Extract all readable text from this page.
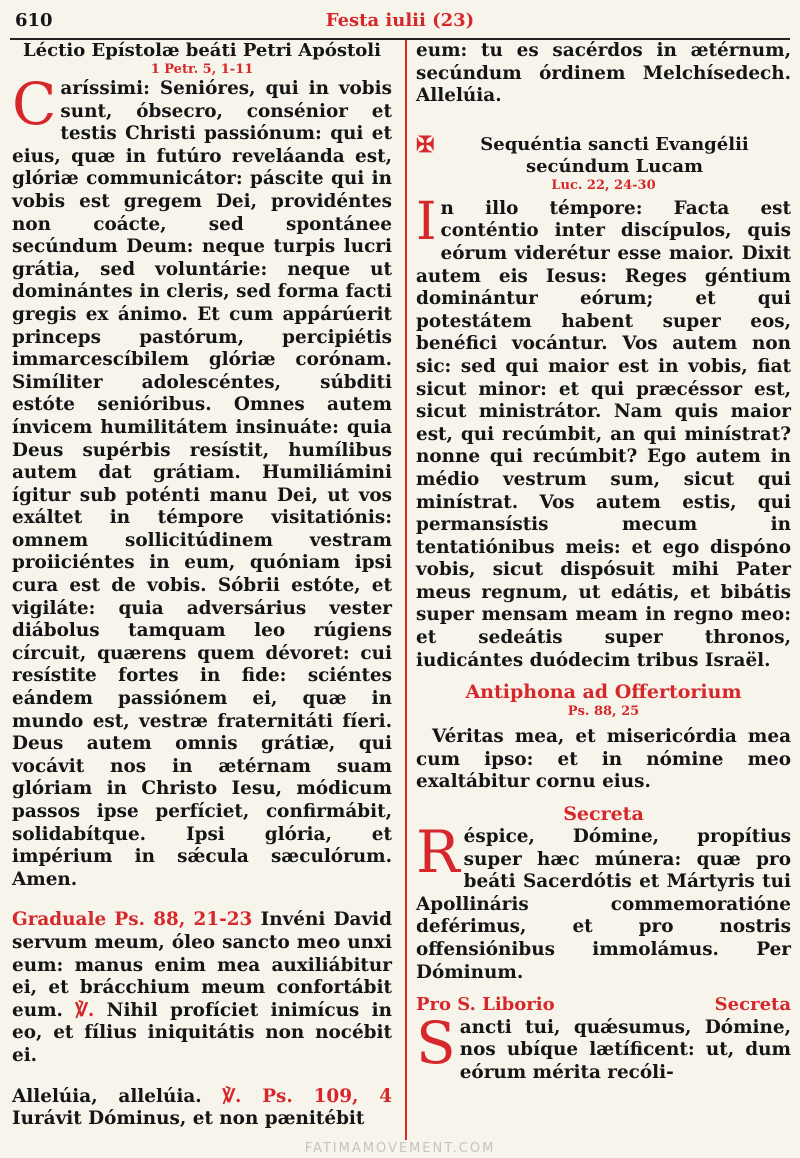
610	Festa iulii (23)
Léctio Epístolæ beáti Petri Apóstoli
1 Petr. 5, 1-11

C aríssimi: Senióres, qui in vobis sunt, óbsecro, consénior et testis Christi passiónum: qui et eius, quæ in futúro reveláanda est, glóriæ communicátor: páscite qui in vobis est gregem Dei, providéntes non coácte, sed spontánee secúndum Deum: neque turpis lucri grátia, sed voluntárie: neque ut dominántes in cleris, sed forma facti gregis ex ánimo. Et cum appárúerit princeps pastórum, percipiétis immarcescíbilem glóriæ corónam. Simíliter adolescéntes, súbditi estóte senióribus. Omnes autem ínvicem humilitátem insinuáte: quia Deus supérbis resístit, humílibus autem dat grátiam. Humiliámini ígitur sub poténti manu Dei, ut vos exáltet in témpore visitatiónis: omnem sollicitúdinem vestram proiiciéntes in eum, quóniam ipsi cura est de vobis. Sóbrii estóte, et vigiláte: quia adversárius vester diábolus tamquam leo rúgiens círcuit, quærens quem dévoret: cui resístite fortes in fide: sciéntes eándem passiónem ei, quæ in mundo est, vestræ fraternitáti fíeri. Deus autem omnis grátiæ, qui vocávit nos in ætérnam suam glóriam in Christo Iesu, módicum passos ipse perfíciet, confirmábit, solidabítque. Ipsi glória, et impérium in sǽcula sæculórum. Amen.

Graduale Ps. 88, 21-23 Invéni David servum meum, óleo sancto meo unxi eum: manus enim mea auxiliábitur ei, et brácchium meum confortábit eum. ℣. Nihil profíciet inimícus in eo, et fílius iniquitátis non nocébit ei.

Allelúia, allelúia. ℣. Ps. 109, 4 Iurávit Dóminus, et non pænitébit

eum: tu es sacérdos in ætérnum, secúndum órdinem Melchísedech. Allelúia.

✠	Sequéntia sancti Evangélii secúndum Lucam
Luc. 22, 24-30

I n illo témpore: Facta est conténtio inter discípulos, quis eórum viderétur esse maior. Dixit autem eis Iesus: Reges géntium dominántur eórum; et qui potestátem habent super eos, benéfici vocántur. Vos autem non sic: sed qui maior est in vobis, fiat sicut minor: et qui præcéssor est, sicut ministrátor. Nam quis maior est, qui recúmbit, an qui minístrat? nonne qui recúmbit? Ego autem in médio vestrum sum, sicut qui minístrat. Vos autem estis, qui permansístis mecum in tentatiónibus meis: et ego dispóno vobis, sicut dispósuit mihi Pater meus regnum, ut edátis, et bibátis super mensam meam in regno meo: et sedeátis super thronos, iudicántes duódecim tribus Israël.

Antiphona ad Offertorium
Ps. 88, 25

Véritas mea, et misericórdia mea cum ipso: et in nómine meo exaltábitur cornu eius.

Secreta

R éspice, Dómine, propítius super hæc múnera: quæ pro beáti Sacerdótis et Mártyris tui Apollináris commemoratióne deférimus, et pro nostris offensiónibus immolámus. Per Dóminum.

Pro S. Liborio	Secreta

S ancti tui, quǽsumus, Dómine, nos ubíque lætíficent: ut, dum eórum mérita recóli-

FATIMAMOVEMENT.COM
